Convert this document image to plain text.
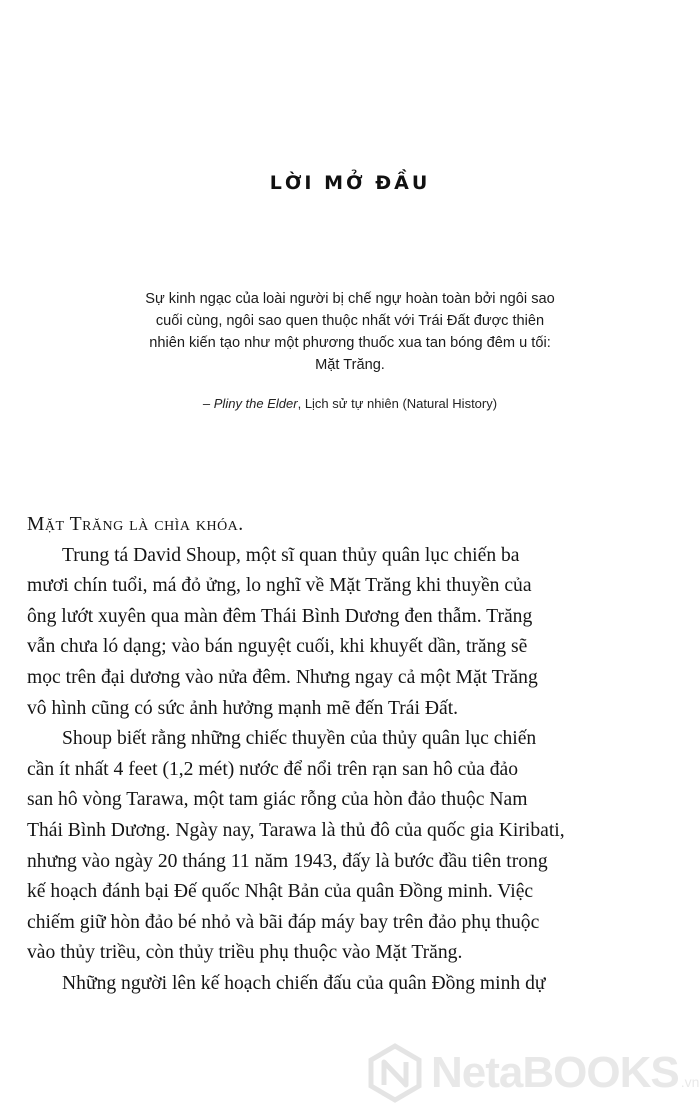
LỜI MỞ ĐẦU
Sự kinh ngạc của loài người bị chế ngự hoàn toàn bởi ngôi sao
cuối cùng, ngôi sao quen thuộc nhất với Trái Đất được thiên
nhiên kiến tạo như một phương thuốc xua tan bóng đêm u tối:
Mặt Trăng.
– Pliny the Elder, Lịch sử tự nhiên (Natural History)
Mặt Trăng là chìa khóa.
Trung tá David Shoup, một sĩ quan thủy quân lục chiến ba
mươi chín tuổi, má đỏ ửng, lo nghĩ về Mặt Trăng khi thuyền của
ông lướt xuyên qua màn đêm Thái Bình Dương đen thẫm. Trăng
vẫn chưa ló dạng; vào bán nguyệt cuối, khi khuyết dần, trăng sẽ
mọc trên đại dương vào nửa đêm. Nhưng ngay cả một Mặt Trăng
vô hình cũng có sức ảnh hưởng mạnh mẽ đến Trái Đất.
Shoup biết rằng những chiếc thuyền của thủy quân lục chiến
cần ít nhất 4 feet (1,2 mét) nước để nổi trên rạn san hô của đảo
san hô vòng Tarawa, một tam giác rỗng của hòn đảo thuộc Nam
Thái Bình Dương. Ngày nay, Tarawa là thủ đô của quốc gia Kiribati,
nhưng vào ngày 20 tháng 11 năm 1943, đấy là bước đầu tiên trong
kế hoạch đánh bại Đế quốc Nhật Bản của quân Đồng minh. Việc
chiếm giữ hòn đảo bé nhỏ và bãi đáp máy bay trên đảo phụ thuộc
vào thủy triều, còn thủy triều phụ thuộc vào Mặt Trăng.
Những người lên kế hoạch chiến đấu của quân Đồng minh dự
NetaBOOKS .vn
